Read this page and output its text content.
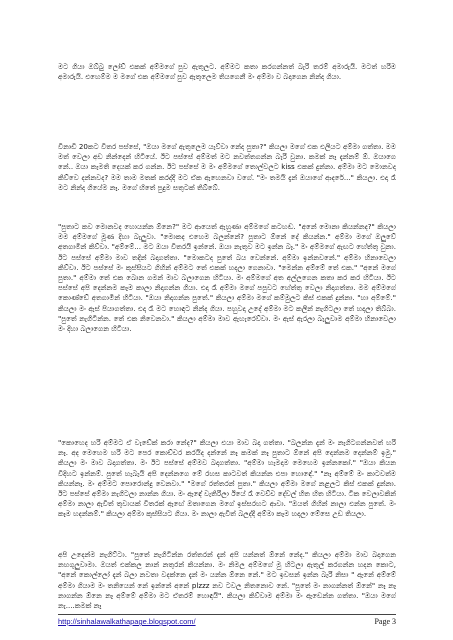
මට ගියා ඔබ්බු ලෝඩ් එකක් අම්මගේ පුව ඇතුලට. අම්මට කතා කරගන්නත් බැරි තරම් අමාරුයි. මටත් හරිම අමාරුයි. එහෙම්ම ම මගේ එක අම්මගේ පුව ඇතුලෙම තියගෙනී මං අම්මා ව බදාගෙන නින්ද ගියා.

විනාඩි 20කට විතර පස්සේ, "ඔයා මගේ ඇතුලෙම යැව්වා නේද පුතා?" කියලා මගේ එක එලියට අම්මා ගත්තා. මම මත් වෙලා අඩ නින්දෙන් හිටියේ. ඊට පස්සේ අම්මත් මට නවත්තගන්න බැරි වුනා. කමක් නෑ දැන්නම් ඕ. ඔයාගෙ නේ.. ඔයා කැමති දෙයක් කර ගන්න. ඊට පස්සේ ම මං අම්මගේ තොල්වලට kiss එකක් දුන්නා. අම්මා මට මොනවද කිව්වෙ දන්නවද? මම තාම මතක් කරද්දී මට ඒක ඇහෙනවා වගේ. "මං තමයි දැන් ඔයාගේ ආදරේ..." කියලා. එදා රෑ මට නින්ද ගියේම නෑ. මගේ හිතේ පුදුම සතුටක් තිබ්බේ.

"පුතාට කව මොනවද හොයන්න ඕනෙ?" මට ආයෙත් ඇහුණා අම්මගේ කටහඬ. "අනේ මොනා කියන්නද?" කියලා මම අම්මගේ මූණ දිහා බැලුවා. "මොකද එහෙම බලන්නේ? පුතාට ඕනේ දේ කියන්න." අම්මා මගේ ඔලුවේ අතගාමින් කිව්වා. "අම්මේ... මට ඔයා විතරයි ඉන්නේ. ඔයා නැතුව මට ඉන්න බෑ." මං අම්මගේ ඇඟට හේත්තු වුනා. ඊට පස්සේ අම්මා මාව තදින් බදාගත්තා. "මොකටද පුතේ බය වෙන්නේ. අම්මා ඉන්නවනේ." අම්මා හිනාවෙලා කිව්වා. ඊට පස්සේ මං කුස්සියට ගිහින් අම්මට තේ එකක් හදලා ගෙනාවා. "මෙන්න අම්මේ තේ එක." "අනේ මගේ පුතා." අම්මා තේ එක බොන ගමන් මාව බලාගෙන හිටියා. මං අම්මගේ අත අල්ලගෙන කතා කර කර හිටියා. ඊට පස්සේ අපි දෙන්නම කෑම කාලා නිදාගන්න ගියා. එදා රෑ අම්මා මගේ පපුවට හේත්තු වෙලා නිදාගත්තා. මම අම්මගේ කොණ්ඩේ අතගාමින් හිටියා. "ඔයා නිදාගන්න පුතේ." කියලා අම්මා මගේ කම්මුලට කිස් එකක් දුන්නා. "හා අම්මේ." කියලා මං ඇස් පියාගත්තා. එදා රෑ මට හොඳට නින්ද ගියා. පහුවදා උදේ අම්මා මට කලින් නැගිටලා තේ හදලා තිබ්බා. "පුතේ නැගිටින්න. තේ එක නිවෙනවා." කියලා අම්මා මාව ඇහැරෙව්වා. මං ඇස් ඇරලා බැලුවාම අම්මා හිනාවෙලා මං දිහා බලාගෙන හිටියා.

"කොහෙද හරි අම්මට ඒ වැඩේක් කරා නේද?" කියලා එයා මාව බදා ගත්තා. "බලන්න දැන් මං නැගිටගන්නවත් හරි නෑ. අද මෙහෙම හරි මට පෙර කොච්චර කරයිද දන්නේ නෑ කමක් නෑ පුතාට ඕනේ අපි දෙන්නම දෙන්නම් ඉමු." කියලා මං මාව බදාගත්තා. මං ඊට පස්සේ අම්මව බදාගත්තා. "අම්මා හැමදාම මෙහෙම ඉන්නකෝ." "ඔයා කියන විදිහට ඉන්නම්. පුතේ හැබැයි අපි දෙන්නගෙ මේ රහස කාටවත් කියන්න එපා හොඳේ." "නෑ අම්මේ මං කාටවත්ම කියන්නෑ. මං අම්මට පොරොන්දු වෙනවා." "මගේ රත්තරන් පුතා." කියලා අම්මා මගේ නළලට කිස් එකක් දුන්නා. ඊට පස්සේ අම්මා නැගිටලා නාන්න ගියා. මං ඇඳේ වැතිරිලා ඊයේ රෑ වෙච්ච දේවල් හිත හිත හිටියා. ටික වෙලාවකින් අම්මා නාලා ඇවිත් තුවායක් විතරක් ඇඟේ ඔතාගෙන මගේ ඉස්සරහට ආවා. "ඔයත් ගිහින් නාලා එන්න පුතේ. මං කෑම හදන්නම්." කියලා අම්මා කුස්සියට ගියා. මං නාලා ඇවිත් බලද්දී අම්මා කෑම හදලා මේසෙ උඩ තියලා.

අපි උදෙන්ම නැගිට්ටා. "පුතේ නැගිටින්න රත්තරන් දැන් අපි යන්නත් ඕනේ නේද." කියලා අම්මා මාව බදාගෙන නහගුලුවාමා. ඔයත් එක්කල නාන් නතුරන් කියන්නා. මං නිමල අම්මගේ මු හිටලා ඇතුල් කරගන්න හදන කොට, "අනේ කොල්ලෝ දැන් බලා නවතා වදක්නෙ දැන් මං යන්න ඕනෙ නේ." මට ඉවසන් ඉන්න බැරි නිසා " ඇනේ අම්මේ අම්මා ගියාම මං තනියෙන් නේ ඉන්නේ අනේ plzzz නව ටවල නිතනොව නේ. "පුතේ මං නාගන්නත් ඕනේ" නෑ නෑ නාගන්න ඕනෙ නෑ අම්මේ අම්මා මට ඒතරම් හොඳයි". කියලා කිව්වාම අම්මා මං ඇඩෙන්න ගත්තා. "ඔයා මගේ නැ....කමක් නෑ

http://sinhalawalkathapage.blogspot.com/	Page 3
